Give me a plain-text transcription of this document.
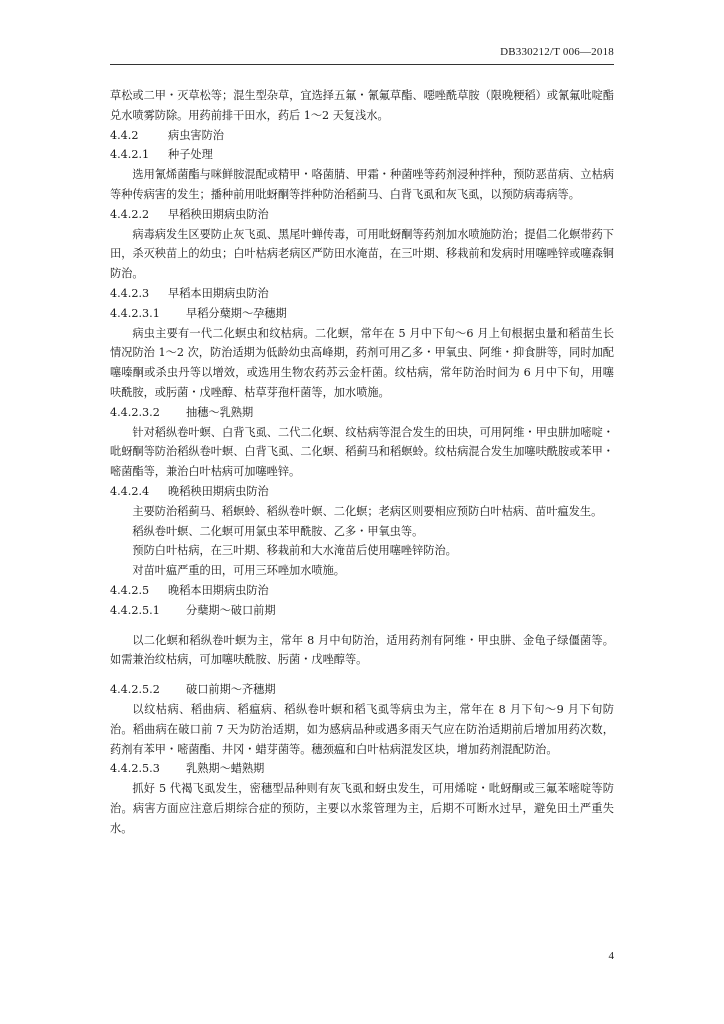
DB330212/T 006—2018

草松或二甲・灭草松等；混生型杂草，宜选择五氟・氰氟草酯、噁唑酰草胺（限晚粳稻）或氰氟吡啶酯兑水喷雾防除。用药前排干田水，药后 1～2 天复浅水。

4.4.2	病虫害防治

4.4.2.1 种子处理

选用氰烯菌酯与咪鲜胺混配或精甲・咯菌腈、甲霜・种菌唑等药剂浸种拌种，预防恶苗病、立枯病等种传病害的发生；播种前用吡蚜酮等拌种防治稻蓟马、白背飞虱和灰飞虱，以预防病毒病等。

4.4.2.2 早稻秧田期病虫防治

病毒病发生区要防止灰飞虱、黑尾叶蝉传毒，可用吡蚜酮等药剂加水喷施防治；提倡二化螟带药下田，杀灭秧苗上的幼虫；白叶枯病老病区严防田水淹苗，在三叶期、移栽前和发病时用噻唑锌或噻森铜防治。

4.4.2.3 早稻本田期病虫防治

4.4.2.3.1 早稻分蘖期～孕穗期

病虫主要有一代二化螟虫和纹枯病。二化螟，常年在 5 月中下旬～6 月上旬根据虫量和稻苗生长情况防治 1～2 次，防治适期为低龄幼虫高峰期，药剂可用乙多・甲氧虫、阿维・抑食肼等，同时加配噻嗪酮或杀虫丹等以增效，或选用生物农药苏云金杆菌。纹枯病，常年防治时间为 6 月中下旬，用噻呋酰胺，或肟菌・戊唑醇、枯草芽孢杆菌等，加水喷施。

4.4.2.3.2 抽穗～乳熟期

针对稻纵卷叶螟、白背飞虱、二代二化螟、纹枯病等混合发生的田块，可用阿维・甲虫肼加嘧啶・吡蚜酮等防治稻纵卷叶螟、白背飞虱、二化螟、稻蓟马和稻螟蛉。纹枯病混合发生加噻呋酰胺或苯甲・嘧菌酯等，兼治白叶枯病可加噻唑锌。

4.4.2.4 晚稻秧田期病虫防治

主要防治稻蓟马、稻螟蛉、稻纵卷叶螟、二化螟；老病区则要相应预防白叶枯病、苗叶瘟发生。

稻纵卷叶螟、二化螟可用氯虫苯甲酰胺、乙多・甲氧虫等。

预防白叶枯病，在三叶期、移栽前和大水淹苗后使用噻唑锌防治。

对苗叶瘟严重的田，可用三环唑加水喷施。

4.4.2.5 晚稻本田期病虫防治

4.4.2.5.1 分蘖期～破口前期

以二化螟和稻纵卷叶螟为主，常年 8 月中旬防治，适用药剂有阿维・甲虫肼、金龟子绿僵菌等。如需兼治纹枯病，可加噻呋酰胺、肟菌・戊唑醇等。

4.4.2.5.2 破口前期～齐穗期

以纹枯病、稻曲病、稻瘟病、稻纵卷叶螟和稻飞虱等病虫为主，常年在 8 月下旬～9 月下旬防治。稻曲病在破口前 7 天为防治适期，如为感病品种或遇多雨天气应在防治适期前后增加用药次数，药剂有苯甲・嘧菌酯、井冈・蜡芽菌等。穗颈瘟和白叶枯病混发区块，增加药剂混配防治。

4.4.2.5.3 乳熟期～蜡熟期

抓好 5 代褐飞虱发生，密穗型品种则有灰飞虱和蚜虫发生，可用烯啶・吡蚜酮或三氟苯嘧啶等防治。病害方面应注意后期综合症的预防，主要以水浆管理为主，后期不可断水过早，避免田土严重失水。

4
